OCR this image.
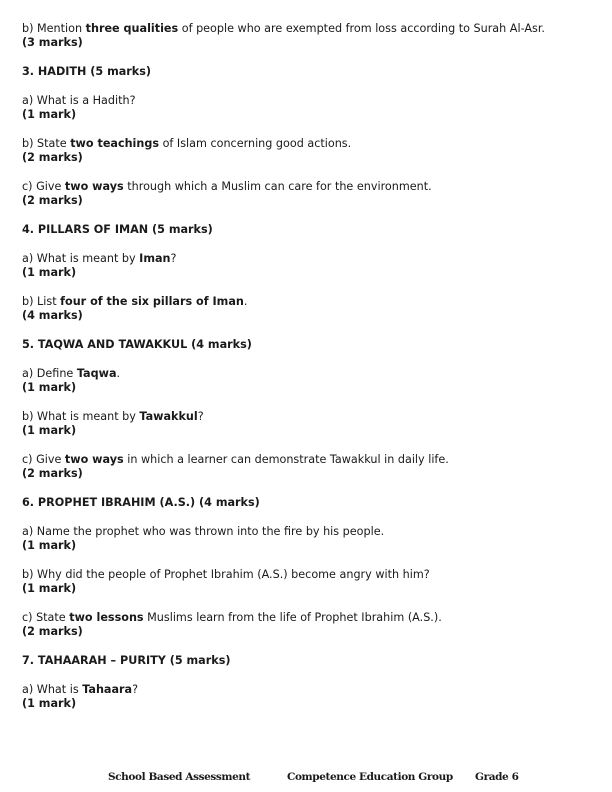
b) Mention three qualities of people who are exempted from loss according to Surah Al-Asr.
(3 marks)
3. HADITH (5 marks)
a) What is a Hadith?
(1 mark)
b) State two teachings of Islam concerning good actions.
(2 marks)
c) Give two ways through which a Muslim can care for the environment.
(2 marks)
4. PILLARS OF IMAN (5 marks)
a) What is meant by Iman?
(1 mark)
b) List four of the six pillars of Iman.
(4 marks)
5. TAQWA AND TAWAKKUL (4 marks)
a) Define Taqwa.
(1 mark)
b) What is meant by Tawakkul?
(1 mark)
c) Give two ways in which a learner can demonstrate Tawakkul in daily life.
(2 marks)
6. PROPHET IBRAHIM (A.S.) (4 marks)
a) Name the prophet who was thrown into the fire by his people.
(1 mark)
b) Why did the people of Prophet Ibrahim (A.S.) become angry with him?
(1 mark)
c) State two lessons Muslims learn from the life of Prophet Ibrahim (A.S.).
(2 marks)
7. TAHAARAH – PURITY (5 marks)
a) What is Tahaara?
(1 mark)
School Based Assessment	Competence Education Group Grade 6
